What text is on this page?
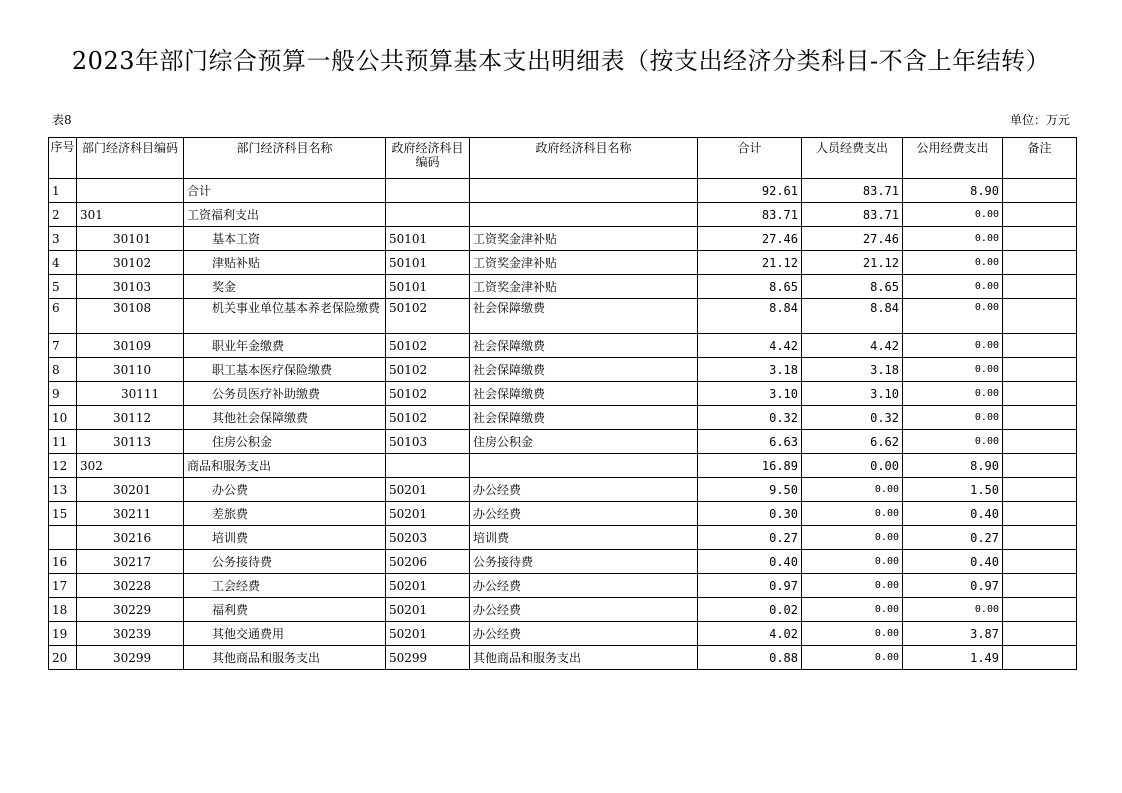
2023年部门综合预算一般公共预算基本支出明细表（按支出经济分类科目-不含上年结转）
表8	单位：万元
序号	部门经济科目编码	部门经济科目名称	政府经济科目编码	政府经济科目名称	合计	人员经费支出	公用经费支出	备注
1		合计			92.61	83.71	8.90	
2	301	工资福利支出			83.71	83.71	0.00	
3	30101	基本工资	50101	工资奖金津补贴	27.46	27.46	0.00	
4	30102	津贴补贴	50101	工资奖金津补贴	21.12	21.12	0.00	
5	30103	奖金	50101	工资奖金津补贴	8.65	8.65	0.00	
6	30108	机关事业单位基本养老保险缴费	50102	社会保障缴费	8.84	8.84	0.00	
7	30109	职业年金缴费	50102	社会保障缴费	4.42	4.42	0.00	
8	30110	职工基本医疗保险缴费	50102	社会保障缴费	3.18	3.18	0.00	
9	30111	公务员医疗补助缴费	50102	社会保障缴费	3.10	3.10	0.00	
10	30112	其他社会保障缴费	50102	社会保障缴费	0.32	0.32	0.00	
11	30113	住房公积金	50103	住房公积金	6.63	6.62	0.00	
12	302	商品和服务支出			16.89	0.00	8.90	
13	30201	办公费	50201	办公经费	9.50	0.00	1.50	
15	30211	差旅费	50201	办公经费	0.30	0.00	0.40	
	30216	培训费	50203	培训费	0.27	0.00	0.27	
16	30217	公务接待费	50206	公务接待费	0.40	0.00	0.40	
17	30228	工会经费	50201	办公经费	0.97	0.00	0.97	
18	30229	福利费	50201	办公经费	0.02	0.00	0.00	
19	30239	其他交通费用	50201	办公经费	4.02	0.00	3.87	
20	30299	其他商品和服务支出	50299	其他商品和服务支出	0.88	0.00	1.49	
